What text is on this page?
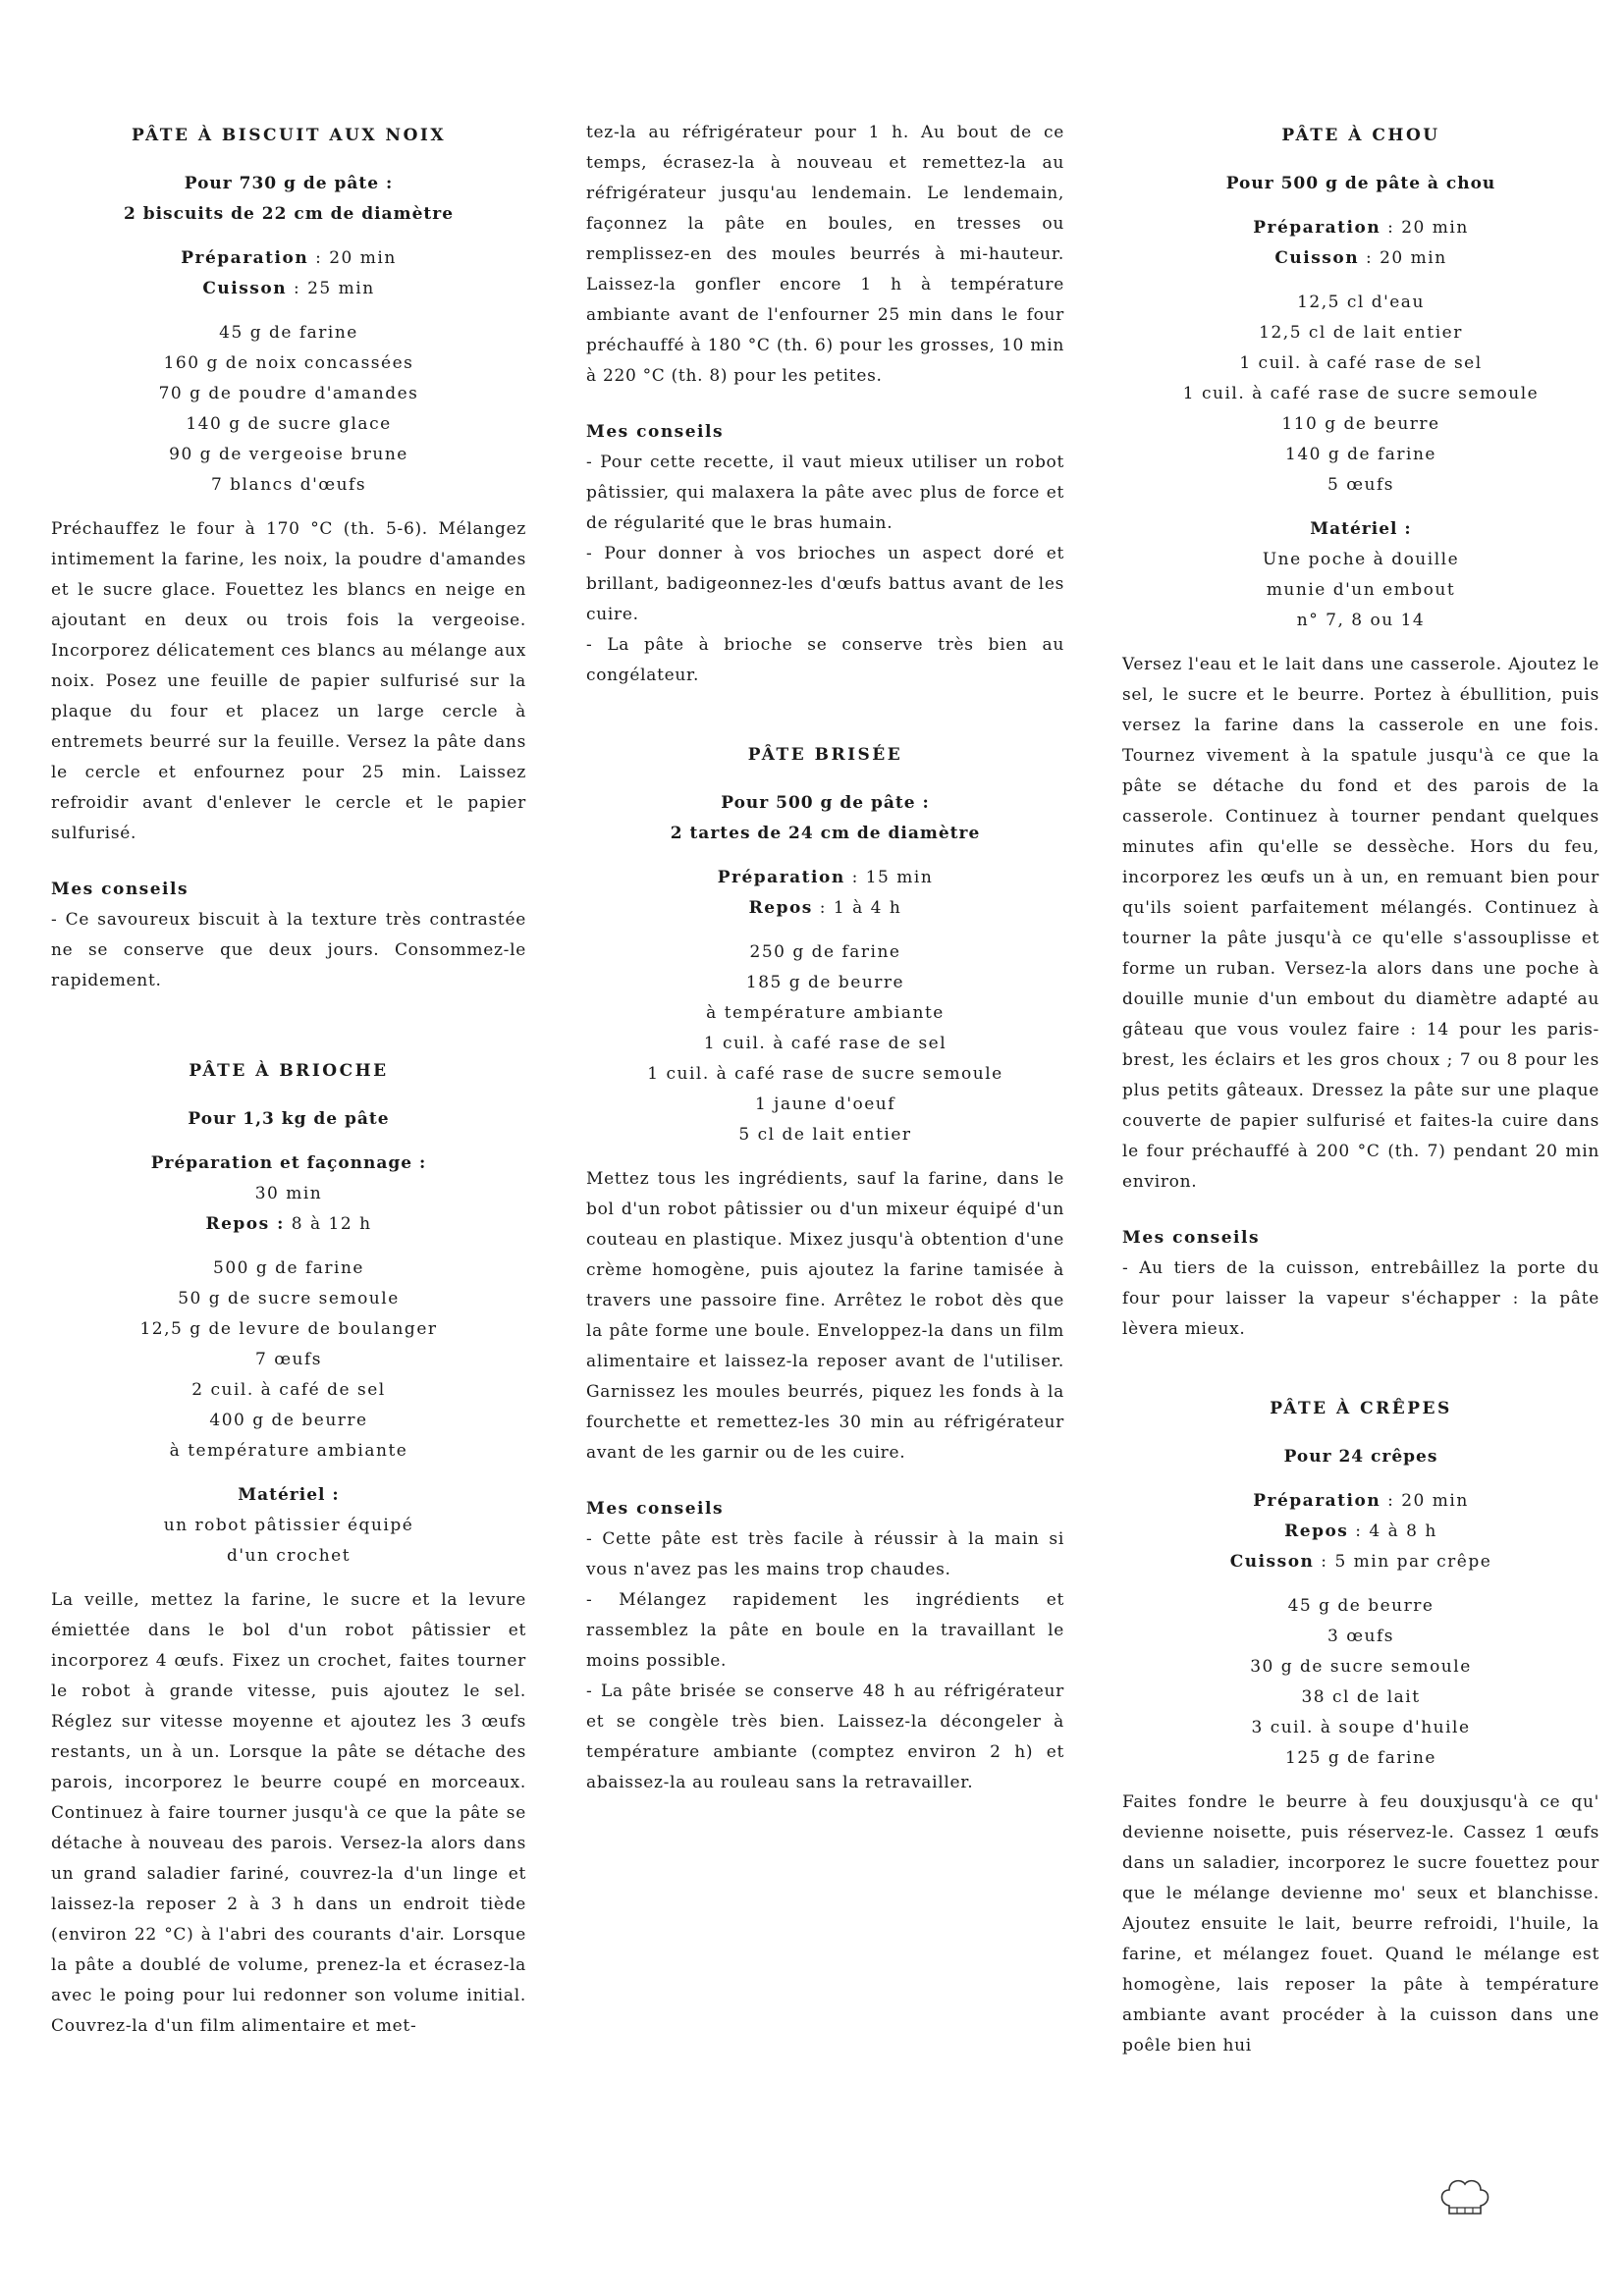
PÂTE À BISCUIT AUX NOIX
Pour 730 g de pâte :
2 biscuits de 22 cm de diamètre
Préparation : 20 min
Cuisson : 25 min
45 g de farine
160 g de noix concassées
70 g de poudre d'amandes
140 g de sucre glace
90 g de vergeoise brune
7 blancs d'œufs

Préchauffez le four à 170 °C (th. 5-6). Mélangez intimement la farine, les noix, la poudre d'amandes et le sucre glace. Fouettez les blancs en neige en ajoutant en deux ou trois fois la vergeoise. Incorporez délicatement ces blancs au mélange aux noix. Posez une feuille de papier sulfurisé sur la plaque du four et placez un large cercle à entremets beurré sur la feuille. Versez la pâte dans le cercle et enfournez pour 25 min. Laissez refroidir avant d'enlever le cercle et le papier sulfurisé.

Mes conseils

- Ce savoureux biscuit à la texture très contrastée ne se conserve que deux jours. Consommez-le rapidement.

PÂTE À BRIOCHE
Pour 1,3 kg de pâte
Préparation et façonnage :
30 min
Repos : 8 à 12 h
500 g de farine
50 g de sucre semoule
12,5 g de levure de boulanger
7 œufs
2 cuil. à café de sel
400 g de beurre
à température ambiante
Matériel :
un robot pâtissier équipé
d'un crochet

La veille, mettez la farine, le sucre et la levure émiettée dans le bol d'un robot pâtissier et incorporez 4 œufs. Fixez un crochet, faites tourner le robot à grande vitesse, puis ajoutez le sel. Réglez sur vitesse moyenne et ajoutez les 3 œufs restants, un à un. Lorsque la pâte se détache des parois, incorporez le beurre coupé en morceaux. Continuez à faire tourner jusqu'à ce que la pâte se détache à nouveau des parois. Versez-la alors dans un grand saladier fariné, couvrez-la d'un linge et laissez-la reposer 2 à 3 h dans un endroit tiède (environ 22 °C) à l'abri des courants d'air. Lorsque la pâte a doublé de volume, prenez-la et écrasez-la avec le poing pour lui redonner son volume initial. Couvrez-la d'un film alimentaire et met-

tez-la au réfrigérateur pour 1 h. Au bout de ce temps, écrasez-la à nouveau et remettez-la au réfrigérateur jusqu'au lendemain. Le lendemain, façonnez la pâte en boules, en tresses ou remplissez-en des moules beurrés à mi-hauteur. Laissez-la gonfler encore 1 h à température ambiante avant de l'enfourner 25 min dans le four préchauffé à 180 °C (th. 6) pour les grosses, 10 min à 220 °C (th. 8) pour les petites.

Mes conseils

- Pour cette recette, il vaut mieux utiliser un robot pâtissier, qui malaxera la pâte avec plus de force et de régularité que le bras humain.

- Pour donner à vos brioches un aspect doré et brillant, badigeonnez-les d'œufs battus avant de les cuire.

- La pâte à brioche se conserve très bien au congélateur.

PÂTE BRISÉE
Pour 500 g de pâte :
2 tartes de 24 cm de diamètre
Préparation : 15 min
Repos : 1 à 4 h
250 g de farine
185 g de beurre
à température ambiante
1 cuil. à café rase de sel
1 cuil. à café rase de sucre semoule
1 jaune d'oeuf
5 cl de lait entier

Mettez tous les ingrédients, sauf la farine, dans le bol d'un robot pâtissier ou d'un mixeur équipé d'un couteau en plastique. Mixez jusqu'à obtention d'une crème homogène, puis ajoutez la farine tamisée à travers une passoire fine. Arrêtez le robot dès que la pâte forme une boule. Enveloppez-la dans un film alimentaire et laissez-la reposer avant de l'utiliser. Garnissez les moules beurrés, piquez les fonds à la fourchette et remettez-les 30 min au réfrigérateur avant de les garnir ou de les cuire.

Mes conseils

- Cette pâte est très facile à réussir à la main si vous n'avez pas les mains trop chaudes.

- Mélangez rapidement les ingrédients et rassemblez la pâte en boule en la travaillant le moins possible.

- La pâte brisée se conserve 48 h au réfrigérateur et se congèle très bien. Laissez-la décongeler à température ambiante (comptez environ 2 h) et abaissez-la au rouleau sans la retravailler.

PÂTE À CHOU
Pour 500 g de pâte à chou
Préparation : 20 min
Cuisson : 20 min
12,5 cl d'eau
12,5 cl de lait entier
1 cuil. à café rase de sel
1 cuil. à café rase de sucre semoule
110 g de beurre
140 g de farine
5 œufs
Matériel :
Une poche à douille
munie d'un embout
n° 7, 8 ou 14

Versez l'eau et le lait dans une casserole. Ajoutez le sel, le sucre et le beurre. Portez à ébullition, puis versez la farine dans la casserole en une fois. Tournez vivement à la spatule jusqu'à ce que la pâte se détache du fond et des parois de la casserole. Continuez à tourner pendant quelques minutes afin qu'elle se dessèche. Hors du feu, incorporez les œufs un à un, en remuant bien pour qu'ils soient parfaitement mélangés. Continuez à tourner la pâte jusqu'à ce qu'elle s'assouplisse et forme un ruban. Versez-la alors dans une poche à douille munie d'un embout du diamètre adapté au gâteau que vous voulez faire : 14 pour les paris-brest, les éclairs et les gros choux ; 7 ou 8 pour les plus petits gâteaux. Dressez la pâte sur une plaque couverte de papier sulfurisé et faites-la cuire dans le four préchauffé à 200 °C (th. 7) pendant 20 min environ.

Mes conseils

- Au tiers de la cuisson, entrebâillez la porte du four pour laisser la vapeur s'échapper : la pâte lèvera mieux.

PÂTE À CRÊPES
Pour 24 crêpes
Préparation : 20 min
Repos : 4 à 8 h
Cuisson : 5 min par crêpe
45 g de beurre
3 œufs
30 g de sucre semoule
38 cl de lait
3 cuil. à soupe d'huile
125 g de farine

Faites fondre le beurre à feu douxjusqu'à ce qu' devienne noisette, puis réservez-le. Cassez 1 œufs dans un saladier, incorporez le sucre fouettez pour que le mélange devienne mo' seux et blanchisse. Ajoutez ensuite le lait, beurre refroidi, l'huile, la farine, et mélangez fouet. Quand le mélange est homogène, lais reposer la pâte à température ambiante avant procéder à la cuisson dans une poêle bien hui
